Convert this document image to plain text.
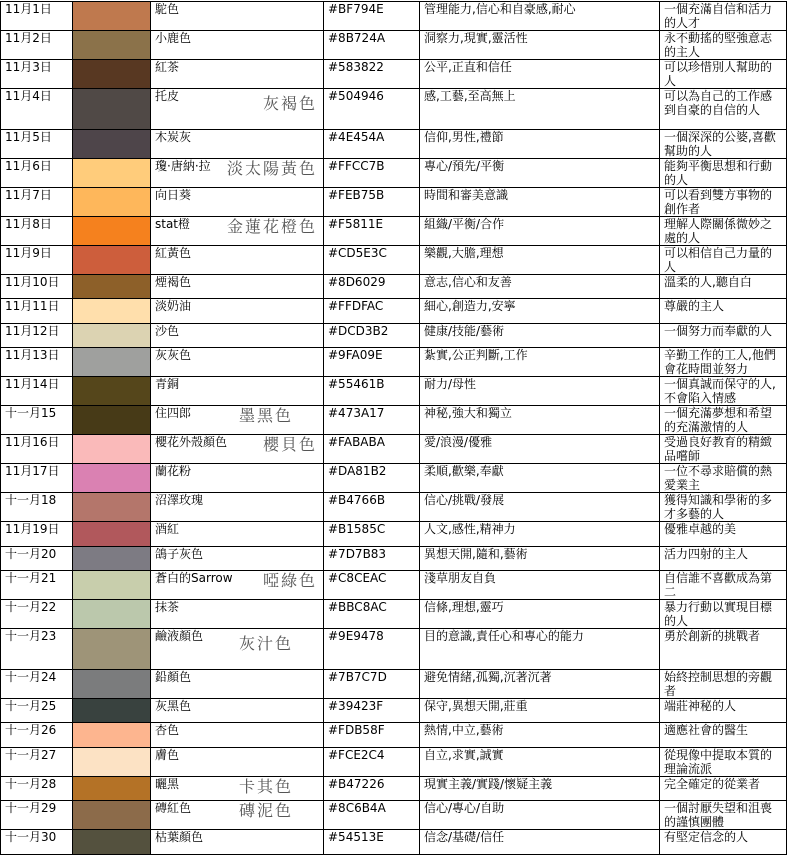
11月1日		駝色	#BF794E	管理能力,信心和自豪感,耐心	一個充滿自信和活力的人才
11月2日		小鹿色	#8B724A	洞察力,現實,靈活性	永不動搖的堅強意志的主人
11月3日		紅茶	#583822	公平,正直和信任	可以珍惜別人幫助的人
11月4日		托皮 灰褐色	#504946	感,工藝,至高無上	可以為自己的工作感到自豪的自信的人
11月5日		木炭灰	#4E454A	信仰,男性,禮節	一個深深的公婆,喜歡幫助的人
11月6日		瓊·唐納·拉 淡太陽黃色	#FFCC7B	專心/預先/平衡	能夠平衡思想和行動的人
11月7日		向日葵	#FEB75B	時間和審美意識	可以看到雙方事物的創作者
11月8日		stat橙 金蓮花橙色	#F5811E	組織/平衡/合作	理解人際關係微妙之處的人
11月9日		紅黃色	#CD5E3C	樂觀,大膽,理想	可以相信自己力量的人
11月10日		煙褐色	#8D6029	意志,信心和友善	溫柔的人,聽自白
11月11日		淡奶油	#FFDFAC	細心,創造力,安寧	尊嚴的主人
11月12日		沙色	#DCD3B2	健康/技能/藝術	一個努力而奉獻的人
11月13日		灰灰色	#9FA09E	紮實,公正判斷,工作	辛勤工作的工人,他們會花時間並努力
11月14日		青銅	#55461B	耐力/母性	一個真誠而保守的人,不會陷入情感
十一月15		住四郎 墨黑色	#473A17	神秘,強大和獨立	一個充滿夢想和希望的充滿激情的人
11月16日		櫻花外殼顏色 櫻貝色	#FABABA	愛/浪漫/優雅	受過良好教育的精緻品嚐師
11月17日		蘭花粉	#DA81B2	柔順,歡樂,奉獻	一位不尋求賠償的熱愛業主
十一月18		沼澤玫瑰	#B4766B	信心/挑戰/發展	獲得知識和學術的多才多藝的人
11月19日		酒紅	#B1585C	人文,感性,精神力	優雅卓越的美
十一月20		鴿子灰色	#7D7B83	異想天開,隨和,藝術	活力四射的主人
十一月21		蒼白的Sarrow 啞綠色	#C8CEAC	淺草朋友自負	自信誰不喜歡成為第二
十一月22		抹茶	#BBC8AC	信條,理想,靈巧	暴力行動以實現目標的人
十一月23		鹼液顏色 灰汁色	#9E9478	目的意識,責任心和專心的能力	勇於創新的挑戰者
十一月24		鉛顏色	#7B7C7D	避免情緒,孤獨,沉著沉著	始終控制思想的旁觀者
十一月25		灰黑色	#39423F	保守,異想天開,莊重	端莊神秘的人
十一月26		杏色	#FDB58F	熱情,中立,藝術	適應社會的醫生
十一月27		膚色	#FCE2C4	自立,求實,誠實	從現像中提取本質的理論流派
十一月28		曬黑 卡其色	#B47226	現實主義/實踐/懷疑主義	完全確定的從業者
十一月29		磚紅色 磚泥色	#8C6B4A	信心/專心/自助	一個討厭失望和沮喪的謹慎團體
十一月30		枯葉顏色	#54513E	信念/基礎/信任	有堅定信念的人
